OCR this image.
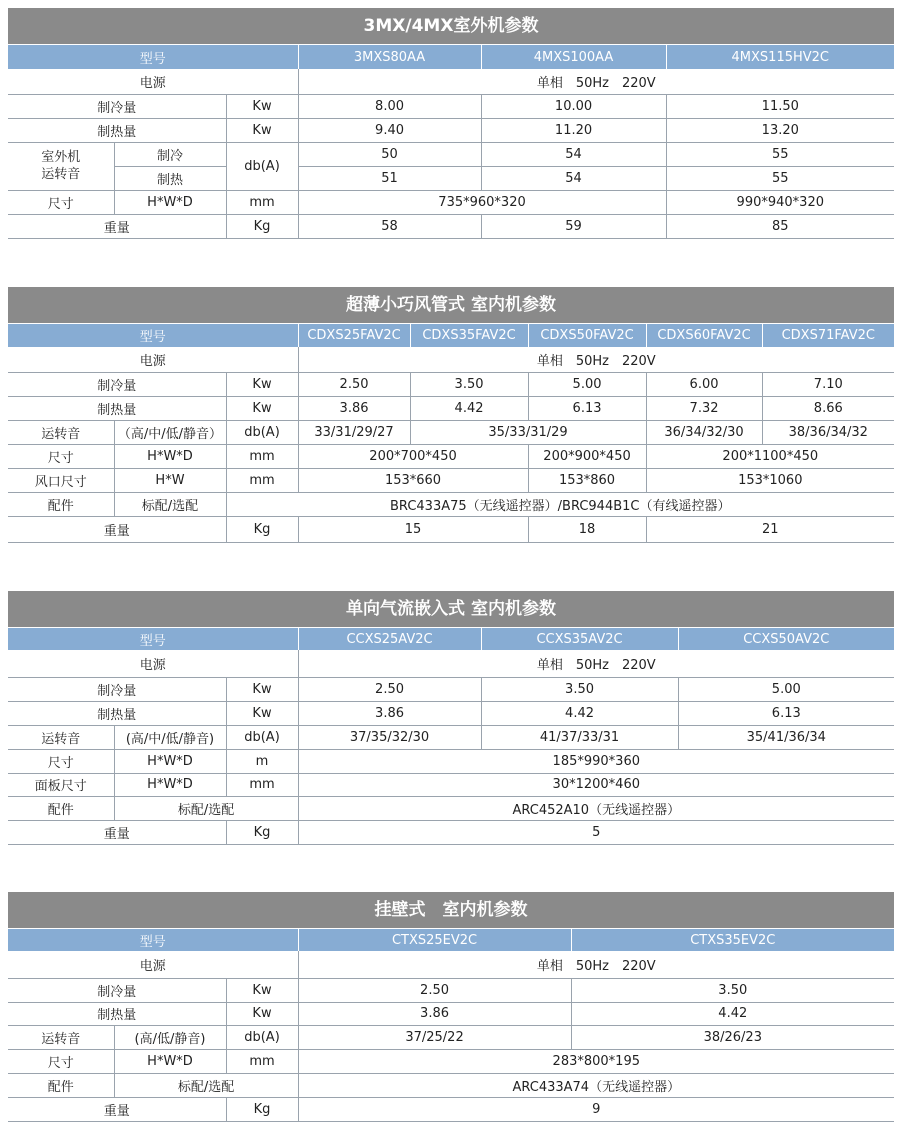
3MX/4MX室外机参数
型号			3MXS80AA	4MXS100AA	4MXS115HV2C
电源			单相　50Hz　220V		
制冷量		Kw	8.00	10.00	11.50
制热量		Kw	9.40	11.20	13.20
室外机
运转音	制冷	db(A)	50	54	55
	制热		51	54	55
尺寸	H*W*D	mm	735*960*320		990*940*320
重量		Kg	58	59	85
超薄小巧风管式 室内机参数
型号			CDXS25FAV2C	CDXS35FAV2C	CDXS50FAV2C	CDXS60FAV2C	CDXS71FAV2C
电源			单相　50Hz　220V				
制冷量		Kw	2.50	3.50	5.00	6.00	7.10
制热量		Kw	3.86	4.42	6.13	7.32	8.66
运转音	（高/中/低/静音）	db(A)	33/31/29/27	35/33/31/29		36/34/32/30	38/36/34/32
尺寸	H*W*D	mm	200*700*450		200*900*450	200*1100*450	
风口尺寸	H*W	mm	153*660		153*860	153*1060	
配件	标配/选配	BRC433A75（无线遥控器）/BRC944B1C（有线遥控器）					
重量		Kg	15		18	21	
单向气流嵌入式 室内机参数
型号			CCXS25AV2C	CCXS35AV2C	CCXS50AV2C
电源			单相　50Hz　220V		
制冷量		Kw	2.50	3.50	5.00
制热量		Kw	3.86	4.42	6.13
运转音	(高/中/低/静音)	db(A)	37/35/32/30	41/37/33/31	35/41/36/34
尺寸	H*W*D	m	185*990*360		
面板尺寸	H*W*D	mm	30*1200*460		
配件	标配/选配		ARC452A10（无线遥控器）		
重量		Kg	5		
挂壁式　室内机参数
型号			CTXS25EV2C	CTXS35EV2C
电源			单相　50Hz　220V	
制冷量		Kw	2.50	3.50
制热量		Kw	3.86	4.42
运转音	(高/低/静音)	db(A)	37/25/22	38/26/23
尺寸	H*W*D	mm	283*800*195	
配件	标配/选配		ARC433A74（无线遥控器）	
重量		Kg	9	
